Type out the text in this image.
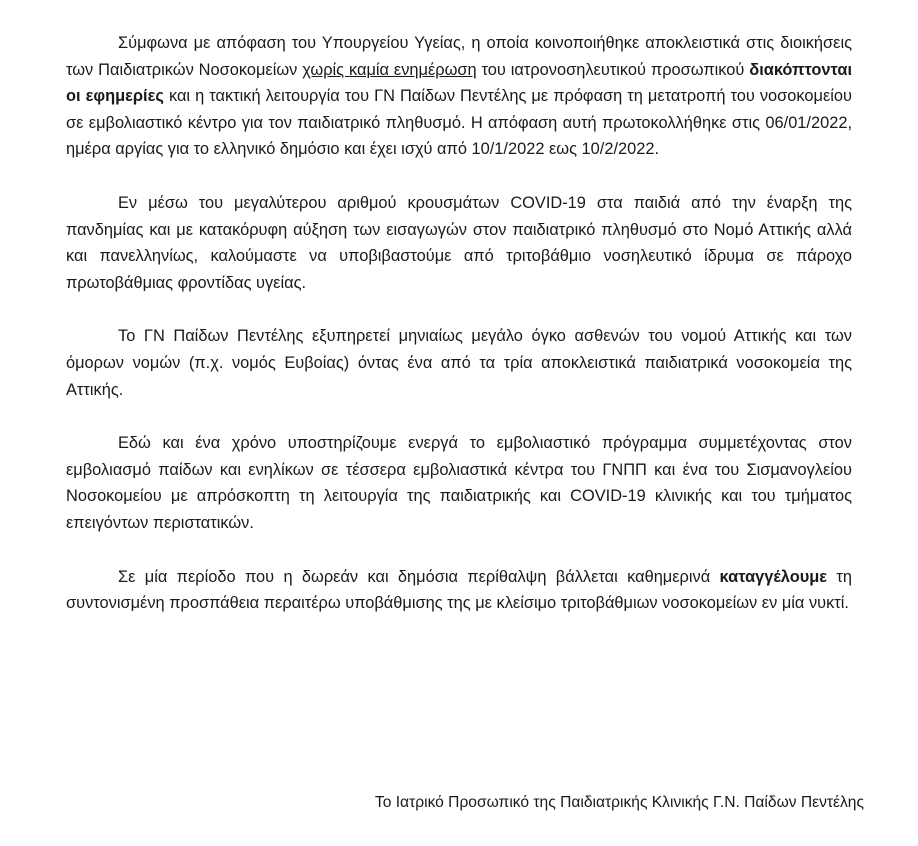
Σύμφωνα με απόφαση του Υπουργείου Υγείας, η οποία κοινοποιήθηκε αποκλειστικά στις διοικήσεις των Παιδιατρικών Νοσοκομείων χωρίς καμία ενημέρωση του ιατρονοσηλευτικού προσωπικού διακόπτονται οι εφημερίες και η τακτική λειτουργία του ΓΝ Παίδων Πεντέλης με πρόφαση τη μετατροπή του νοσοκομείου σε εμβολιαστικό κέντρο για τον παιδιατρικό πληθυσμό. Η απόφαση αυτή πρωτοκολλήθηκε στις 06/01/2022, ημέρα αργίας για το ελληνικό δημόσιο και έχει ισχύ από 10/1/2022 εως 10/2/2022.

Εν μέσω του μεγαλύτερου αριθμού κρουσμάτων COVID-19 στα παιδιά από την έναρξη της πανδημίας και με κατακόρυφη αύξηση των εισαγωγών στον παιδιατρικό πληθυσμό στο Νομό Αττικής αλλά και πανελληνίως, καλούμαστε να υποβιβαστούμε από τριτοβάθμιο νοσηλευτικό ίδρυμα σε πάροχο πρωτοβάθμιας φροντίδας υγείας.

Το ΓΝ Παίδων Πεντέλης εξυπηρετεί μηνιαίως μεγάλο όγκο ασθενών του νομού Αττικής και των όμορων νομών (π.χ. νομός Ευβοίας) όντας ένα από τα τρία αποκλειστικά παιδιατρικά νοσοκομεία της Αττικής.

Εδώ και ένα χρόνο υποστηρίζουμε ενεργά το εμβολιαστικό πρόγραμμα συμμετέχοντας στον εμβολιασμό παίδων και ενηλίκων σε τέσσερα εμβολιαστικά κέντρα του ΓΝΠΠ και ένα του Σισμανογλείου Νοσοκομείου με απρόσκοπτη τη λειτουργία της παιδιατρικής και COVID-19 κλινικής και του τμήματος επειγόντων περιστατικών.

Σε μία περίοδο που η δωρεάν και δημόσια περίθαλψη βάλλεται καθημερινά καταγγέλουμε τη συντονισμένη προσπάθεια περαιτέρω υποβάθμισης της με κλείσιμο τριτοβάθμιων νοσοκομείων εν μία νυκτί.

Το Ιατρικό Προσωπικό της Παιδιατρικής Κλινικής Γ.Ν. Παίδων Πεντέλης
